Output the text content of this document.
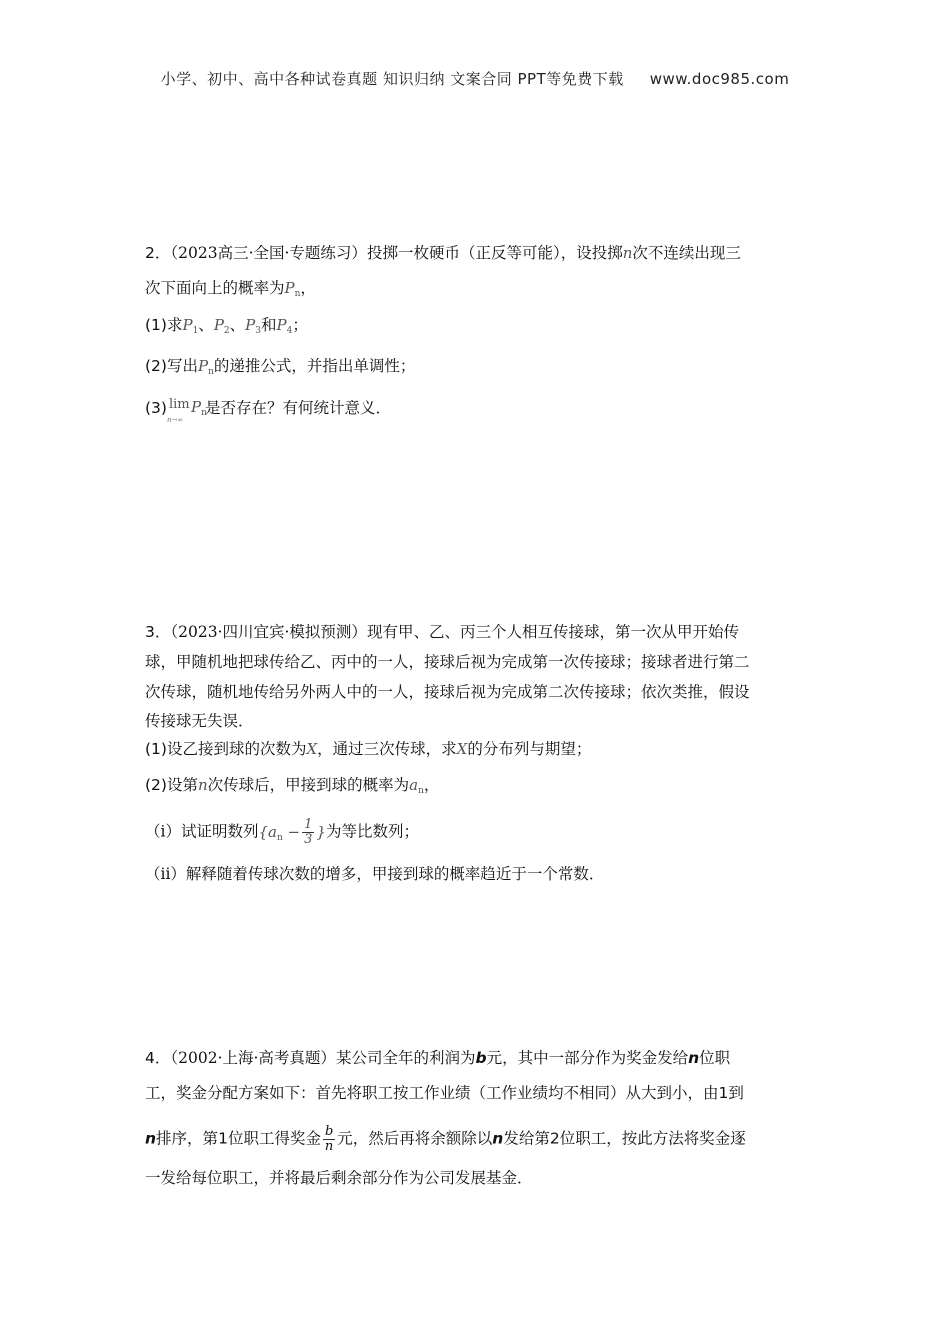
小学、初中、高中各种试卷真题 知识归纳 文案合同 PPT等免费下载 www.doc985.com
2．（2023高三·全国·专题练习）投掷一枚硬币（正反等可能），设投掷n次不连续出现三
次下面向上的概率为$P_n$，
(1)求$P_1$、$P_2$、$P_3$和$P_4$；
(2)写出$P_n$的递推公式，并指出单调性；
(3) lim
n→∞
$P_n$
是否存在？有何统计意义．
3．（2023·四川宜宾·模拟预测）现有甲、乙、丙三个人相互传接球，第一次从甲开始传
球，甲随机地把球传给乙、丙中的一人，接球后视为完成第一次传接球；接球者进行第二
次传球，随机地传给另外两人中的一人，接球后视为完成第二次传接球；依次类推，假设
传接球无失误．
(1)设乙接到球的次数为X，通过三次传球，求X的分布列与期望；
(2)设第n次传球后，甲接到球的概率为$a_n$，
（i）试证明数列{$a_n - \frac{1}{3}$ }为等比数列；
（ii）解释随着传球次数的增多，甲接到球的概率趋近于一个常数．
4．（2002·上海·高考真题）某公司全年的利润为b元，其中一部分作为奖金发给n位职
工，奖金分配方案如下：首先将职工按工作业绩（工作业绩均不相同）从大到小，由1到
n排序，第1位职工得奖金 $\frac{b}{n}$ 元，然后再将余额除以n发给第2位职工，按此方法将奖金逐
一发给每位职工，并将最后剩余部分作为公司发展基金．
